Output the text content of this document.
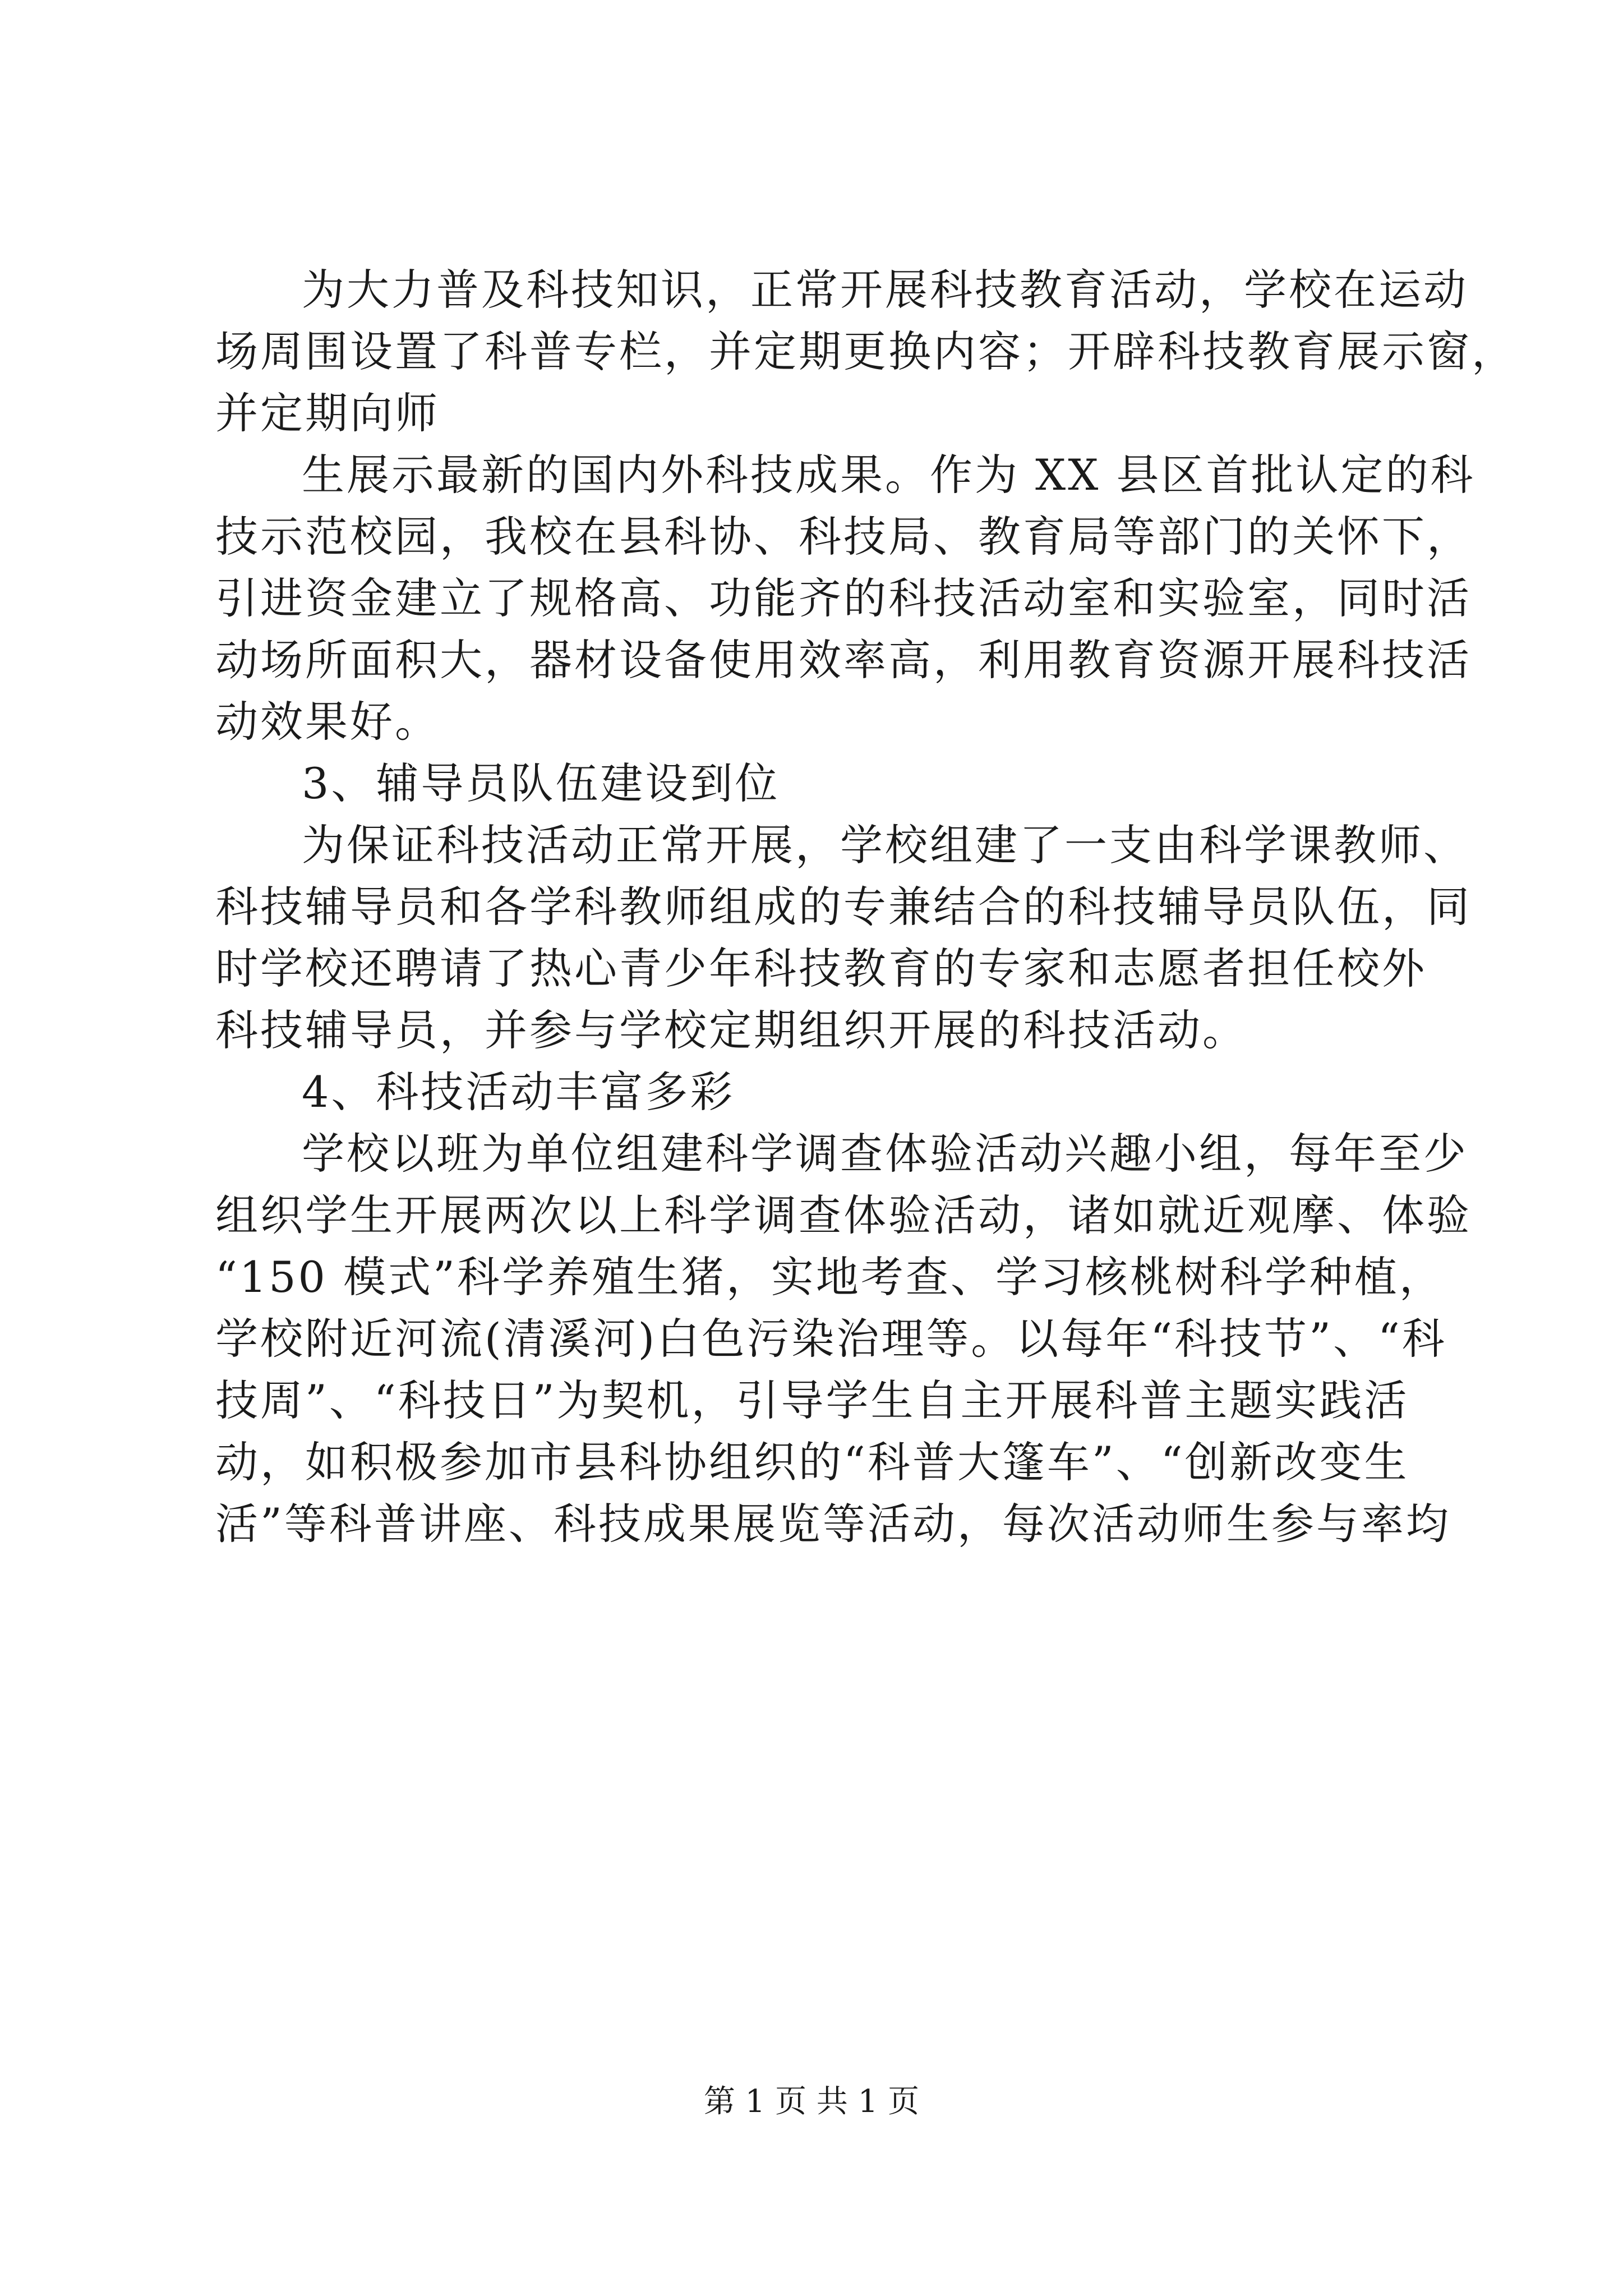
为大力普及科技知识，正常开展科技教育活动，学校在运动
场周围设置了科普专栏，并定期更换内容；开辟科技教育展示窗，
并定期向师
生展示最新的国内外科技成果。作为 XX 县区首批认定的科
技示范校园，我校在县科协、科技局、教育局等部门的关怀下，
引进资金建立了规格高、功能齐的科技活动室和实验室，同时活
动场所面积大，器材设备使用效率高，利用教育资源开展科技活
动效果好。
3、辅导员队伍建设到位
为保证科技活动正常开展，学校组建了一支由科学课教师、
科技辅导员和各学科教师组成的专兼结合的科技辅导员队伍，同
时学校还聘请了热心青少年科技教育的专家和志愿者担任校外
科技辅导员，并参与学校定期组织开展的科技活动。
4、科技活动丰富多彩
学校以班为单位组建科学调查体验活动兴趣小组，每年至少
组织学生开展两次以上科学调查体验活动，诸如就近观摩、体验
“150 模式”科学养殖生猪，实地考查、学习核桃树科学种植，
学校附近河流(清溪河)白色污染治理等。以每年“科技节”、“科
技周”、“科技日”为契机，引导学生自主开展科普主题实践活
动，如积极参加市县科协组织的“科普大篷车”、“创新改变生
活”等科普讲座、科技成果展览等活动，每次活动师生参与率均
第 1 页 共 1 页
